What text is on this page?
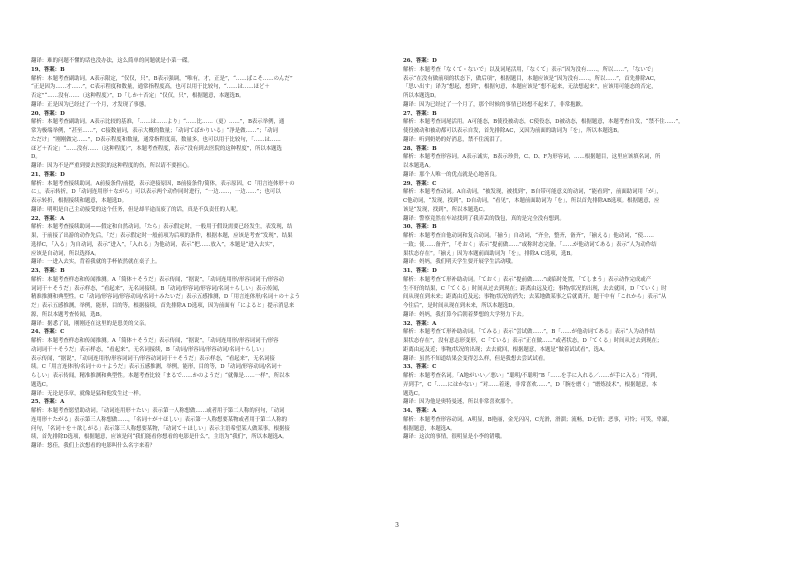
翻译：难的问题不懂的话也没办法，这么简单的问题就是小菜一碟。
19、答案：B
解析：本题考查副助词。A表示限定，“仅仅，只”，B表示强调，“唯有，才，正是”，“……ばこそ……のんだ”
“正是因为……才……”，C表示程度和数量，通常指程度高，也可以用于比较句，“……は……ほど＋
否定”“……没有……（这种程度）”，D「しか＋否定」“仅仅，只”，根据题意，本题选B。
翻译：正是因为已经过了一个月，才发现了事態。
20、答案：D
解析：本题考查副助词。A表示比较的基准，「……は……より」“……比……（更）……”，B表示举例，通
常为极端举例，“甚至……”，C接数量词，表示大概的数量；「动词てばかりいる」“净是做……”；「动词
ただけ」“刚刚做完……”，D表示程度和数量，通常指程度高，数量多，也可以用于比较句，「……は……
ほど＋否定」“……没有……（这种程度）”，本题考查程度，表示“没有到去医院的这种程度”，所以本题选
D。
翻译：因为不是严重到要去医院的这种程度的伤，所以请不要担心。
21、答案：D
解析：本题考查接续助词。A前接条件/前提，表示逆接原因，B前接条件/简体，表示原因，C「用言连体形＋の
に」，表示转折，D「动词连用形＋ながら」可以表示两个动作同时进行，“一边……，一边……”；也可以
表示转折，根据接续和题意，本题选D。
翻译：明明是自己主动接受的这个任务，但是却半途而废了的话，真是不负责任的人呢。
22、答案：A
解析：本题考查接续助词——假定和自然动词。「たら」表示假定时，一般用于假设需要已经发生，表发现，结
果，于前接了出游的动作先后，「だ」表示假定时一般前项为后项的条件，根据本题，应该是考查“发现”，结果
选择C，「入る」为自动词，表示“进入”，「入れる」为他动词，表示“把……放入”，本题是“进入去实”，
应该是自动词，所以选择A。
翻译：一进入去实，背着我就的手杯依然就在桌子上。
23、答案：B
解析：本题考查样态和传闻推测。A「简体＋そうだ」表示传闻，“据说”，「动词连用形/形容词词干/形容动
词词干＋そうだ」表示样态，“看起来”，无名词接续。B「动词/形容词/形容词/名词＋らしい」表示传闻，
精准推测和典型性。C「动词/形容词/形容动词/名词＋みたいだ」表示五感推测，D「用言连体形/名词＋の＋よう
だ」表示五感推测，举例，能形，目的等，根据接续，首先排除A D选项，因为前面有「によると」提示消息来
源，所以本题考查传闻，选B。
翻译：据悉了说，刚刚还在这里的是患美的父亲。
24、答案：C
解析：本题考查样态和传闻推测。A「简体＋そうだ」表示传闻，“据说”，「动词连用形/形容词词干/形容
动词词干＋そうだ」表示样态，“看起来”，无名词接续，B「动词/形容词/形容动词/名词＋らしい」
表示传闻，“据说”，「动词连用形/形容词词干/形容动词词干＋そうだ」表示样态，“看起来”，无名词接
续。C「用言连体形/名词＋の＋ようだ」表示五感推测，举例，能形，目的等，D「动词/形容动词/名词＋
らしい」表示传闻，精准推测和典型性。本题考查比较「まるで……かのようだ」“就像是……一样”，所以本
题选C。
翻译：无论是乐章，就像是猛和他发生过一样。
25、答案：A
解析：本题考查愿望助动词。「动词连用形＋たい」表示第一人称想做……或者用于第二人称的问句，「动词
连用形＋たがる」表示第三人称想做……，「名词＋が＋ほしい」表示第一人称想要某物或者用于第二人称的
问句，「名词＋を＋欲しがる」表示第三人称想要某物，「动词て＋ほしい」表示主语希望某人做某事，根据接
续，首先排除D选项，根据题意，应该是问“我们能看你想看的电影是什么”，主语为“我们”，所以本题选A。
翻译：悠佳，我们上次想看的电影叫什么名字来着？
26、答案：D
解析：本题考查「なくて・ないで」以及词尾活用，「なくて」表示“因为没有……，所以……”，「ないで」
表示“在没有做前项的状态下，做后项”，根据题目，本题应该是“因为没有……，所以……”，首先排除AC，
「思い出す」译为“想起，想到”，根据句意，本题应该是“想不起来，无法想起来”，应该用可能态的否定，
所以本题选D。
翻译：因为已经过了一个月了，那个时候的事情已经想不起来了，非常抱歉。
27、答案：B
解析：本题考查词尾活用。A可能态，B使役被动态，C使役态，D被动态，根据题意，本题考查自发，“禁不住……”，
使役被动和被动都可以表示自发，首先排除AC，又因为前面的助词为「を」，所以本题选B。
翻译：听到奶奶的好消息，禁不住流泪了。
28、答案：B
解析：本题考查形容词。A表示诚实，B表示珍贵，C、D、F为形容词，……根据题目，这里应该填名词，所
以本题选A。
翻译：那个人唯一的优点就是心地善良。
29、答案：C
解析：本题考查动词。A自动词，“被发现，被找到”，B自带可能意义的动词，“能看到”，前面助词用「が」，
C他动词，“发现，找到”，D自动词，“看见”，本题前面助词为「を」，所以首先排除AB选项。根据题意，应
该是“发现，找到”，所以本题选C。
翻译：警察竟然在车站找到了我弄丢的钱包，真的是完全没有想到。
30、答案：B
解析：本题考查自他动词和复合动词。「揃う」自动词，“齐全，整齐，备齐”，「揃える」他动词，“使……
一致；使……备齐”，「そおく」表示“提前做……”或称时态完备。「……が他动词てある」表示“人为动作结
果状态存在”。「揃え」因为本题前面助词为「を」，排除A C选项，选B。
翻译：妈妈，我们明天学生要开展学生活动哦。
31、答案：D
解析：本题考查て形补助动词。「ておく」表示“提前做……”或临时处置，「てしまう」表示动作完成或产
生不好的结果，C「てくる」时间从过去到现在；距离由远及近；事物/状况的出现，去去就回，D「ていく」时
间从现在到未来；距离由近及远；事物/状况的消失；去某地做某事之后就离开，题干中有「これから」表示“从
今往后”，是时间从现在到未来，所以本题选D。
翻译：妈妈，我打算今后朝着梦想的大学努力下去。
32、答案：A
解析：本题考查て形补助动词。「てみる」表示“尝试做……”，B「……が他动词てある」表示“人为动作结
果状态存在”，没有意志形变形，C「ている」表示“正在做……”或者状态，D「てくる」时间从过去到现在；
距离由远及近；事物/状况的出现；去去就回，根据题意，本题是“做着试试看”，选A。
翻译：虽然不知道结果会变得怎么样，但是我想去尝试试看。
33、答案：C
解析：本题考查名词。「A地がいい／悪い」“聪明/不聪明”B「……を手に入れる／……が手に入る」“得到，
弄到手”，C「……にはかない」“对……着迷，非常喜欢……”，D「腕を磨く」“磨炼技术”，根据题意，本
题选C。
翻译：因为他是奥特曼迷，所以非常喜欢那个。
34、答案：A
解析：本题考查形容动词。A明显，B艳丽，金光闪闪，C光滑，滑溜；流畅，D无情；恶事，可怜；可笑，卑鄙，
根据题意，本题选A。
翻译：这次的事情，很明显是小李的错哦。
3
